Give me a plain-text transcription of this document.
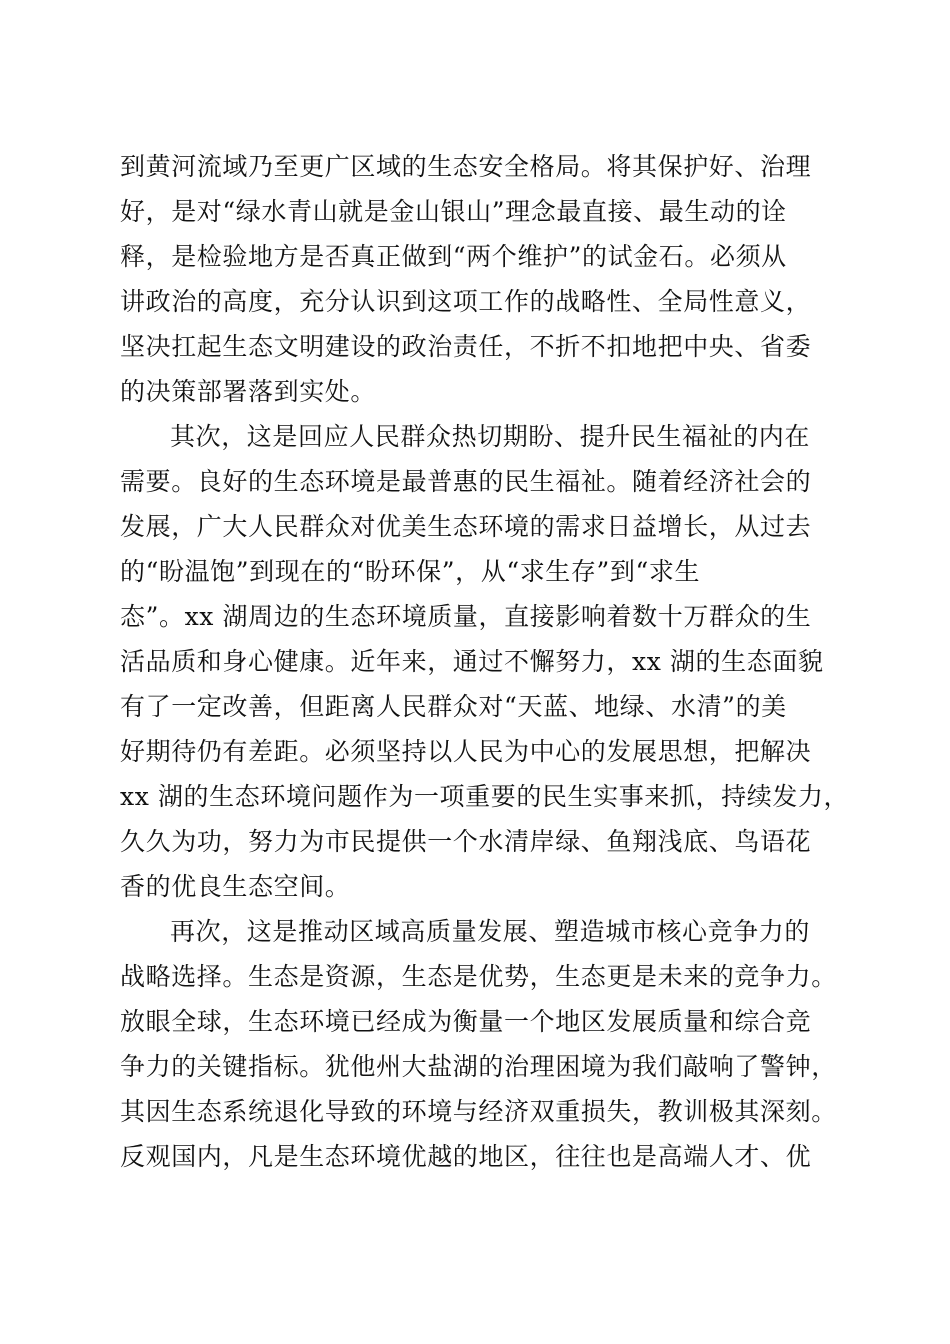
到黄河流域乃至更广区域的生态安全格局。将其保护好、治理
好，是对“绿水青山就是金山银山”理念最直接、最生动的诠
释，是检验地方是否真正做到“两个维护”的试金石。必须从
讲政治的高度，充分认识到这项工作的战略性、全局性意义，
坚决扛起生态文明建设的政治责任，不折不扣地把中央、省委
的决策部署落到实处。
其次，这是回应人民群众热切期盼、提升民生福祉的内在
需要。良好的生态环境是最普惠的民生福祉。随着经济社会的
发展，广大人民群众对优美生态环境的需求日益增长，从过去
的“盼温饱”到现在的“盼环保”，从“求生存”到“求生
态”。xx 湖周边的生态环境质量，直接影响着数十万群众的生
活品质和身心健康。近年来，通过不懈努力，xx 湖的生态面貌
有了一定改善，但距离人民群众对“天蓝、地绿、水清”的美
好期待仍有差距。必须坚持以人民为中心的发展思想，把解决
xx 湖的生态环境问题作为一项重要的民生实事来抓，持续发力，
久久为功，努力为市民提供一个水清岸绿、鱼翔浅底、鸟语花
香的优良生态空间。
再次，这是推动区域高质量发展、塑造城市核心竞争力的
战略选择。生态是资源，生态是优势，生态更是未来的竞争力。
放眼全球，生态环境已经成为衡量一个地区发展质量和综合竞
争力的关键指标。犹他州大盐湖的治理困境为我们敲响了警钟，
其因生态系统退化导致的环境与经济双重损失，教训极其深刻。
反观国内，凡是生态环境优越的地区，往往也是高端人才、优
